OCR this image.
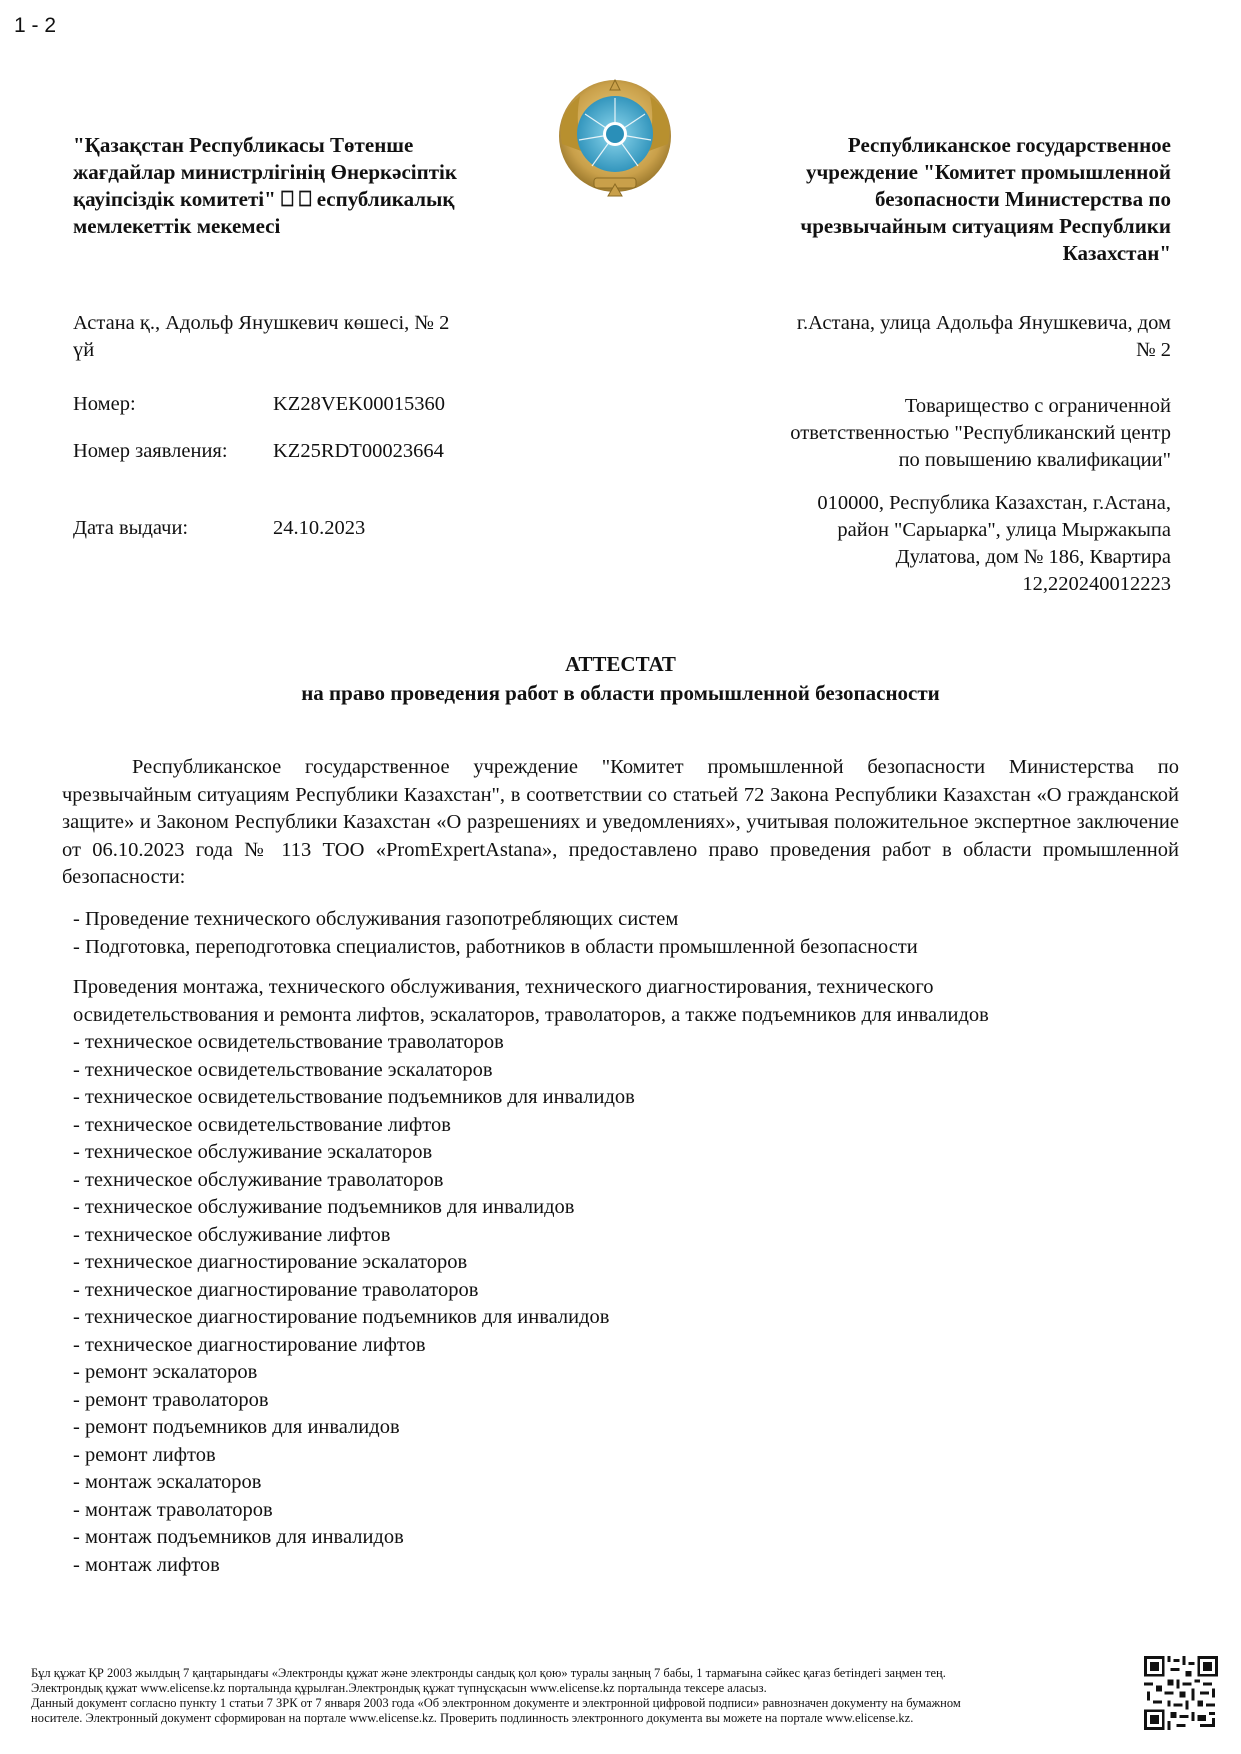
1 - 2
"Қазақстан Республикасы Төтенше
жағдайлар министрлігінің Өнеркәсіптік
қауіпсіздік комитеті" ⎕ ⎕ еспубликалық
мемлекеттік мекемесі
Республиканское государственное
учреждение "Комитет промышленной
безопасности Министерства по
чрезвычайным ситуациям Республики
Казахстан"
Астана қ., Адольф Янушкевич көшесі, № 2
үй
г.Астана, улица Адольфа Янушкевича, дом
№ 2
Номер:	KZ28VEK00015360
Номер заявления:	KZ25RDT00023664
Дата выдачи:	24.10.2023
Товарищество с ограниченной
ответственностью "Республиканский центр
по повышению квалификации"
010000, Республика Казахстан, г.Астана,
район "Сарыарка", улица Мыржакыпа
Дулатова, дом № 186, Квартира
12,220240012223
АТТЕСТАТ
на право проведения работ в области промышленной безопасности
Республиканское государственное учреждение "Комитет промышленной безопасности Министерства по чрезвычайным ситуациям Республики Казахстан", в соответствии со статьей 72 Закона Республики Казахстан «О гражданской защите» и Законом Республики Казахстан «О разрешениях и уведомлениях», учитывая положительное экспертное заключение от 06.10.2023 года № 113 ТОО «PromExpertAstana», предоставлено право проведения работ в области промышленной безопасности:
- Проведение технического обслуживания газопотребляющих систем
- Подготовка, переподготовка специалистов, работников в области промышленной безопасности
Проведения монтажа, технического обслуживания, технического диагностирования, технического
освидетельствования и ремонта лифтов, эскалаторов, траволаторов, а также подъемников для инвалидов
- техническое освидетельствование траволаторов
- техническое освидетельствование эскалаторов
- техническое освидетельствование подъемников для инвалидов
- техническое освидетельствование лифтов
- техническое обслуживание эскалаторов
- техническое обслуживание траволаторов
- техническое обслуживание подъемников для инвалидов
- техническое обслуживание лифтов
- техническое диагностирование эскалаторов
- техническое диагностирование траволаторов
- техническое диагностирование подъемников для инвалидов
- техническое диагностирование лифтов
- ремонт эскалаторов
- ремонт траволаторов
- ремонт подъемников для инвалидов
- ремонт лифтов
- монтаж эскалаторов
- монтаж траволаторов
- монтаж подъемников для инвалидов
- монтаж лифтов
Бұл құжат ҚР 2003 жылдың 7 қаңтарындағы «Электронды құжат және электронды сандық қол қою» туралы заңның 7 бабы, 1 тармағына сәйкес қағаз бетіндегі заңмен тең.
Электрондық құжат www.elicense.kz порталында құрылған.Электрондық құжат түпнұсқасын www.elicense.kz порталында тексере аласыз.
Данный документ согласно пункту 1 статьи 7 ЗРК от 7 января 2003 года «Об электронном документе и электронной цифровой подписи» равнозначен документу на бумажном
носителе. Электронный документ сформирован на портале www.elicense.kz. Проверить подлинность электронного документа вы можете на портале www.elicense.kz.
